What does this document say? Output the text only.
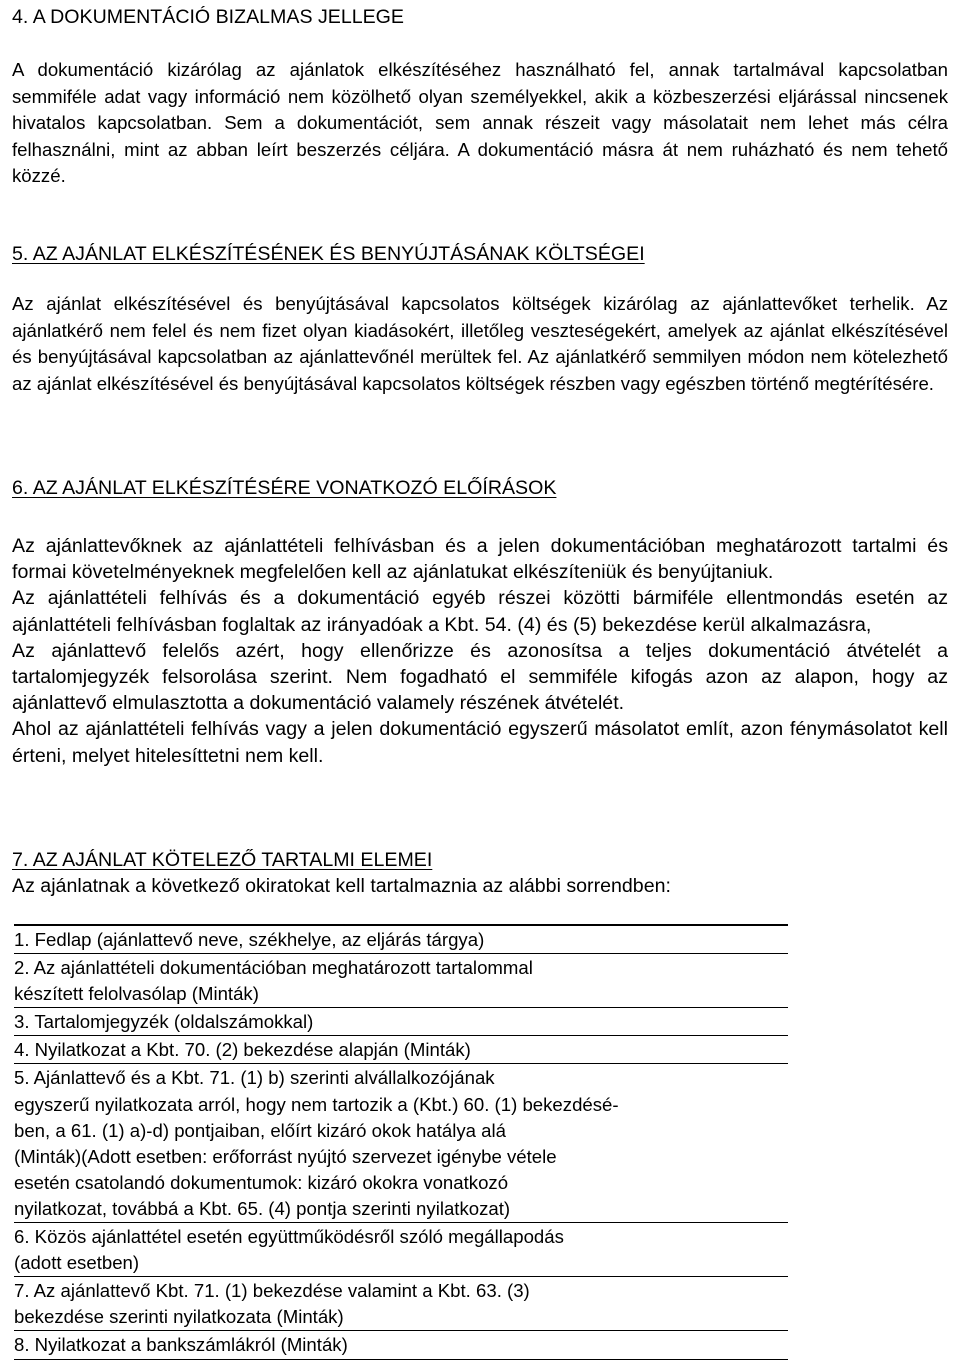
4. A DOKUMENTÁCIÓ BIZALMAS JELLEGE
A dokumentáció kizárólag az ajánlatok elkészítéséhez használható fel, annak tartalmával kapcsolatban semmiféle adat vagy információ nem közölhető olyan személyekkel, akik a közbeszerzési eljárással nincsenek hivatalos kapcsolatban. Sem a dokumentációt, sem annak részeit vagy másolatait nem lehet más célra felhasználni, mint az abban leírt beszerzés céljára. A dokumentáció másra át nem ruházható és nem tehető közzé.
5. AZ AJÁNLAT ELKÉSZÍTÉSÉNEK ÉS BENYÚJTÁSÁNAK KÖLTSÉGEI
Az ajánlat elkészítésével és benyújtásával kapcsolatos költségek kizárólag az ajánlattevőket terhelik. Az ajánlatkérő nem felel és nem fizet olyan kiadásokért, illetőleg veszteségekért, amelyek az ajánlat elkészítésével és benyújtásával kapcsolatban az ajánlattevőnél merültek fel. Az ajánlatkérő semmilyen módon nem kötelezhető az ajánlat elkészítésével és benyújtásával kapcsolatos költségek részben vagy egészben történő megtérítésére.
6. AZ AJÁNLAT ELKÉSZÍTÉSÉRE VONATKOZÓ ELŐÍRÁSOK
Az ajánlattevőknek az ajánlattételi felhívásban és a jelen dokumentációban meghatározott tartalmi és formai követelményeknek megfelelően kell az ajánlatukat elkészíteniük és benyújtaniuk.
Az ajánlattételi felhívás és a dokumentáció egyéb részei közötti bármiféle ellentmondás esetén az ajánlattételi felhívásban foglaltak az irányadóak a Kbt. 54. (4) és (5) bekezdése kerül alkalmazásra,
Az ajánlattevő felelős azért, hogy ellenőrizze és azonosítsa a teljes dokumentáció átvételét a tartalomjegyzék felsorolása szerint. Nem fogadható el semmiféle kifogás azon az alapon, hogy az ajánlattevő elmulasztotta a dokumentáció valamely részének átvételét.
Ahol az ajánlattételi felhívás vagy a jelen dokumentáció egyszerű másolatot említ, azon fénymásolatot kell érteni, melyet hitelesíttetni nem kell.
7. AZ AJÁNLAT KÖTELEZŐ TARTALMI ELEMEI
Az ajánlatnak a következő okiratokat kell tartalmaznia az alábbi sorrendben:
1. Fedlap (ajánlattevő neve, székhelye, az eljárás tárgya)
2. Az ajánlattételi dokumentációban meghatározott tartalommal
készített felolvasólap (Minták)
3. Tartalomjegyzék (oldalszámokkal)
4. Nyilatkozat a Kbt. 70. (2) bekezdése alapján (Minták)
5. Ajánlattevő és a Kbt. 71. (1) b) szerinti alvállalkozójának
egyszerű nyilatkozata arról, hogy nem tartozik a (Kbt.) 60. (1) bekezdésé-
ben, a 61. (1) a)-d) pontjaiban, előírt kizáró okok hatálya alá
(Minták)(Adott esetben: erőforrást nyújtó szervezet igénybe vétele
esetén csatolandó dokumentumok: kizáró okokra vonatkozó
nyilatkozat, továbbá a Kbt. 65. (4) pontja szerinti nyilatkozat)
6. Közös ajánlattétel esetén együttműködésről szóló megállapodás
(adott esetben)
7. Az ajánlattevő Kbt. 71. (1) bekezdése valamint a Kbt. 63. (3)
bekezdése szerinti nyilatkozata (Minták)
8. Nyilatkozat a bankszámlákról (Minták)
